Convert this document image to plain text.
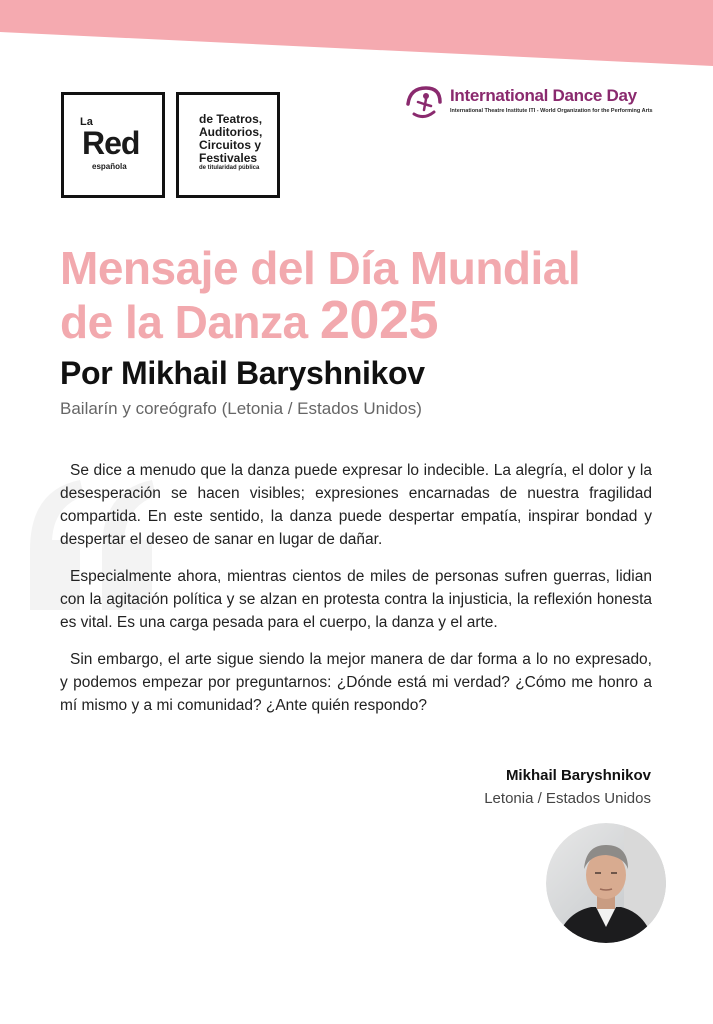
La
Red
española
de Teatros,
Auditorios,
Circuitos y
Festivales
de titularidad pública
International Dance Day
International Theatre Institute ITI - World Organization for the Performing Arts
Mensaje del Día Mundial
de la Danza 2025
Por Mikhail Baryshnikov
Bailarín y coreógrafo (Letonia / Estados Unidos)

Se dice a menudo que la danza puede expresar lo indecible. La alegría, el dolor y la desesperación se hacen visibles; expresiones encarnadas de nuestra fragilidad compartida. En este sentido, la danza puede despertar empatía, inspirar bondad y despertar el deseo de sanar en lugar de dañar.

Especialmente ahora, mientras cientos de miles de personas sufren guerras, lidian con la agitación política y se alzan en protesta contra la injusticia, la reflexión honesta es vital. Es una carga pesada para el cuerpo, la danza y el arte.

Sin embargo, el arte sigue siendo la mejor manera de dar forma a lo no expresado, y podemos empezar por preguntarnos: ¿Dónde está mi verdad? ¿Cómo me honro a mí mismo y a mi comunidad? ¿Ante quién respondo?

Mikhail Baryshnikov
Letonia / Estados Unidos
